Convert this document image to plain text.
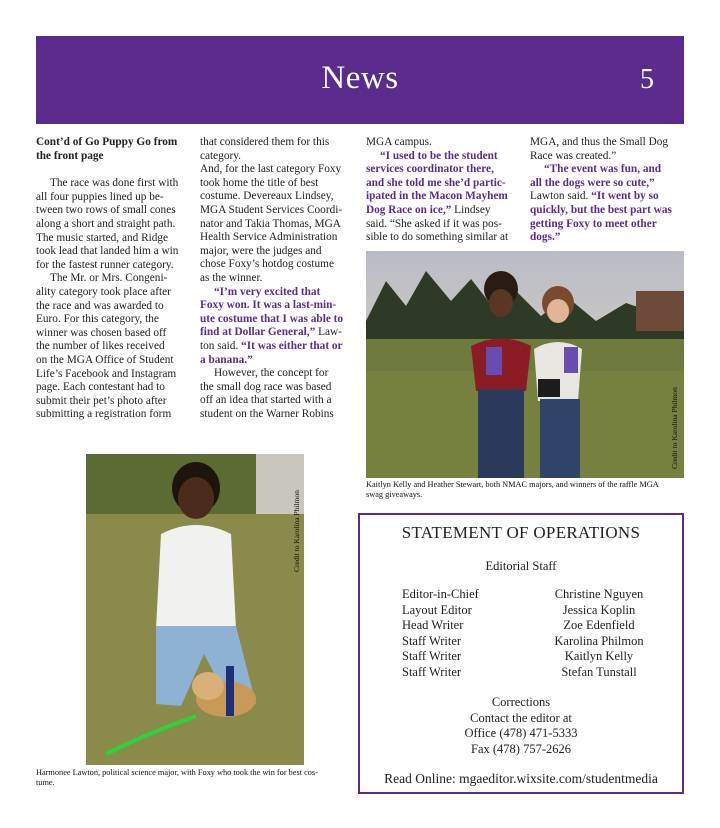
News	5

Cont’d of Go Puppy Go from

the front page

The race was done first with

all four puppies lined up be-

tween two rows of small cones

along a short and straight path.

The music started, and Ridge

took lead that landed him a win

for the fastest runner category.

The Mr. or Mrs. Congeni-

ality category took place after

the race and was awarded to

Euro. For this category, the

winner was chosen based off

the number of likes received

on the MGA Office of Student

Life’s Facebook and Instagram

page. Each contestant had to

submit their pet’s photo after

submitting a registration form

that considered them for this

category.

And, for the last category Foxy

took home the title of best

costume. Devereaux Lindsey,

MGA Student Services Coordi-

nator and Takia Thomas, MGA

Health Service Administration

major, were the judges and

chose Foxy’s hotdog costume

as the winner.

“I’m very excited that

Foxy won. It was a last-min-

ute costume that I was able to

find at Dollar General,” Law-

ton said. “It was either that or

a banana.”

However, the concept for

the small dog race was based

off an idea that started with a

student on the Warner Robins

MGA campus.

“I used to be the student

services coordinator there,

and she told me she’d partic-

ipated in the Macon Mayhem

Dog Race on ice,” Lindsey

said. “She asked if it was pos-

sible to do something similar at

MGA, and thus the Small Dog

Race was created.”

“The event was fun, and

all the dogs were so cute,”

Lawton said. “It went by so

quickly, but the best part was

getting Foxy to meet other

dogs.”

Credit to Karolina Philmon
Kaitlyn Kelly and Heather Stewart, both NMAC majors, and winners of the raffle MGA
swag giveaways.
Credit to Karolina Philmon
Harmonee Lawton, political science major, with Foxy who took the win for best cos-
tume.
STATEMENT OF OPERATIONS
Editorial Staff
Editor-in-Chief	Christine Nguyen
Layout Editor	Jessica Koplin
Head Writer	Zoe Edenfield
Staff Writer	Karolina Philmon
Staff Writer	Kaitlyn Kelly
Staff Writer	Stefan Tunstall
Corrections
Contact the editor at
Office (478) 471-5333
Fax (478) 757-2626
Read Online: mgaeditor.wixsite.com/studentmedia
